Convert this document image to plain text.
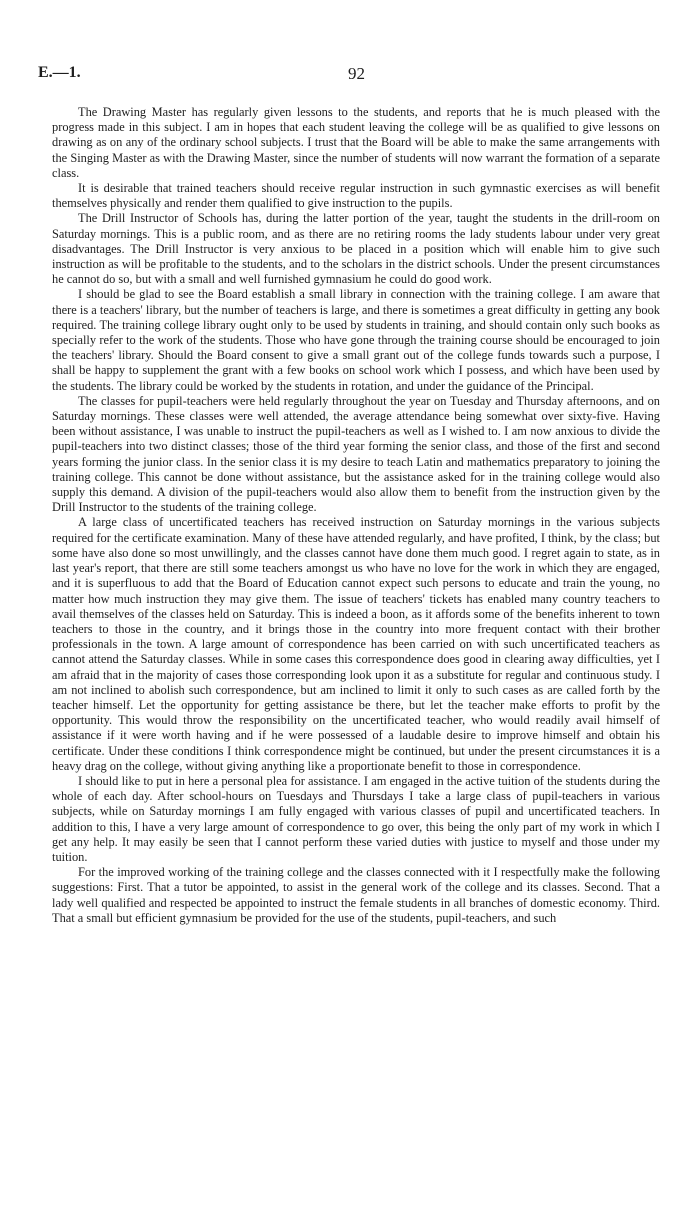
E.—1.	92

The Drawing Master has regularly given lessons to the students, and reports that he is much pleased with the progress made in this subject. I am in hopes that each student leaving the college will be as qualified to give lessons on drawing as on any of the ordinary school subjects. I trust that the Board will be able to make the same arrangements with the Singing Master as with the Drawing Master, since the number of students will now warrant the formation of a separate class.

It is desirable that trained teachers should receive regular instruction in such gymnastic exercises as will benefit themselves physically and render them qualified to give instruction to the pupils.

The Drill Instructor of Schools has, during the latter portion of the year, taught the students in the drill-room on Saturday mornings. This is a public room, and as there are no retiring rooms the lady students labour under very great disadvantages. The Drill Instructor is very anxious to be placed in a position which will enable him to give such instruction as will be profitable to the students, and to the scholars in the district schools. Under the present circumstances he cannot do so, but with a small and well furnished gymnasium he could do good work.

I should be glad to see the Board establish a small library in connection with the training college. I am aware that there is a teachers' library, but the number of teachers is large, and there is sometimes a great difficulty in getting any book required. The training college library ought only to be used by students in training, and should contain only such books as specially refer to the work of the students. Those who have gone through the training course should be encouraged to join the teachers' library. Should the Board consent to give a small grant out of the college funds towards such a purpose, I shall be happy to supplement the grant with a few books on school work which I possess, and which have been used by the students. The library could be worked by the students in rotation, and under the guidance of the Principal.

The classes for pupil-teachers were held regularly throughout the year on Tuesday and Thursday afternoons, and on Saturday mornings. These classes were well attended, the average attendance being somewhat over sixty-five. Having been without assistance, I was unable to instruct the pupil-teachers as well as I wished to. I am now anxious to divide the pupil-teachers into two distinct classes; those of the third year forming the senior class, and those of the first and second years forming the junior class. In the senior class it is my desire to teach Latin and mathematics preparatory to joining the training college. This cannot be done without assistance, but the assistance asked for in the training college would also supply this demand. A division of the pupil-teachers would also allow them to benefit from the instruction given by the Drill Instructor to the students of the training college.

A large class of uncertificated teachers has received instruction on Saturday mornings in the various subjects required for the certificate examination. Many of these have attended regularly, and have profited, I think, by the class; but some have also done so most unwillingly, and the classes cannot have done them much good. I regret again to state, as in last year's report, that there are still some teachers amongst us who have no love for the work in which they are engaged, and it is superfluous to add that the Board of Education cannot expect such persons to educate and train the young, no matter how much instruction they may give them. The issue of teachers' tickets has enabled many country teachers to avail themselves of the classes held on Saturday. This is indeed a boon, as it affords some of the benefits inherent to town teachers to those in the country, and it brings those in the country into more frequent contact with their brother professionals in the town. A large amount of correspondence has been carried on with such uncertificated teachers as cannot attend the Saturday classes. While in some cases this correspondence does good in clearing away difficulties, yet I am afraid that in the majority of cases those corresponding look upon it as a substitute for regular and continuous study. I am not inclined to abolish such correspondence, but am inclined to limit it only to such cases as are called forth by the teacher himself. Let the opportunity for getting assistance be there, but let the teacher make efforts to profit by the opportunity. This would throw the responsibility on the uncertificated teacher, who would readily avail himself of assistance if it were worth having and if he were possessed of a laudable desire to improve himself and obtain his certificate. Under these conditions I think correspondence might be continued, but under the present circumstances it is a heavy drag on the college, without giving anything like a proportionate benefit to those in correspondence.

I should like to put in here a personal plea for assistance. I am engaged in the active tuition of the students during the whole of each day. After school-hours on Tuesdays and Thursdays I take a large class of pupil-teachers in various subjects, while on Saturday mornings I am fully engaged with various classes of pupil and uncertificated teachers. In addition to this, I have a very large amount of correspondence to go over, this being the only part of my work in which I get any help. It may easily be seen that I cannot perform these varied duties with justice to myself and those under my tuition.

For the improved working of the training college and the classes connected with it I respectfully make the following suggestions: First. That a tutor be appointed, to assist in the general work of the college and its classes. Second. That a lady well qualified and respected be appointed to instruct the female students in all branches of domestic economy. Third. That a small but efficient gymnasium be provided for the use of the students, pupil-teachers, and such
